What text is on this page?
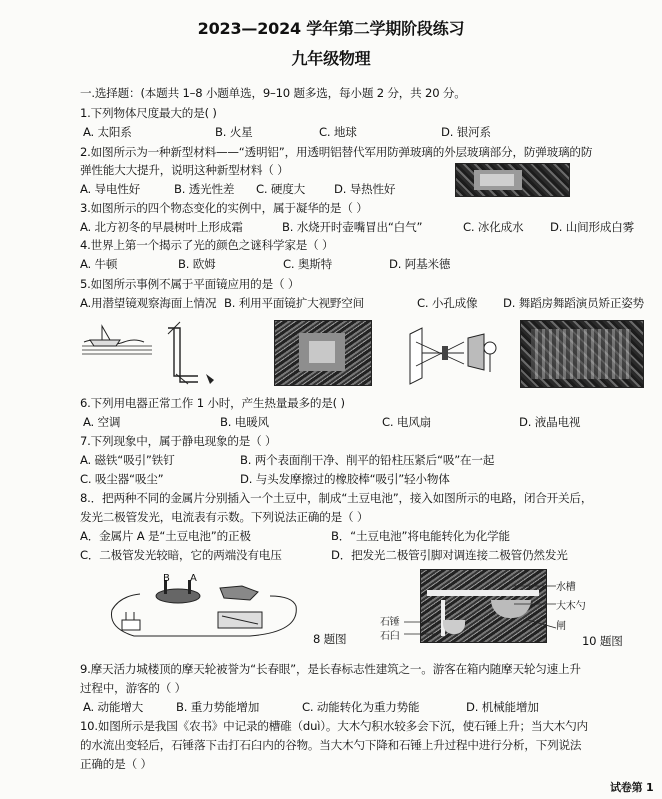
2023—2024 学年第二学期阶段练习
九年级物理
一.选择题：(本题共 1–8 小题单选，9–10 题多选，每小题 2 分，共 20 分。
1.下列物体尺度最大的是( )
A. 太阳系	B. 火星	C. 地球	D. 银河系
2.如图所示为一种新型材料——“透明铝”，用透明铝替代军用防弹玻璃的外层玻璃部分，防弹玻璃的防
弹性能大大提升，说明这种新型材料（ ）
A. 导电性好	B. 透光性差 C. 硬度大 D. 导热性好
3.如图所示的四个物态变化的实例中，属于凝华的是（ ）
A. 北方初冬的早晨树叶上形成霜	B. 水烧开时壶嘴冒出“白气”	C. 冰化成水 D. 山间形成白雾
4.世界上第一个揭示了光的颜色之谜科学家是（ ）
A. 牛顿	B. 欧姆	C. 奥斯特	D. 阿基米德
5.如图所示事例不属于平面镜应用的是（ ）
A.用潜望镜观察海面上情况 B. 利用平面镜扩大视野空间	C. 小孔成像 D. 舞蹈房舞蹈演员矫正姿势
6.下列用电器正常工作 1 小时，产生热量最多的是( )
A. 空调	B. 电暖风	C. 电风扇	D. 液晶电视
7.下列现象中，属于静电现象的是（ ）
A. 磁铁“吸引”铁钉	B. 两个表面削干净、削平的铅柱压紧后“吸”在一起
C. 吸尘器“吸尘”	D. 与头发摩擦过的橡胶棒“吸引”轻小物体
8.．把两种不同的金属片分别插入一个土豆中，制成“土豆电池”，接入如图所示的电路，闭合开关后，
发光二极管发光，电流表有示数。下列说法正确的是（ ）
A．金属片 A 是“土豆电池”的正极	B．“土豆电池”将电能转化为化学能
C．二极管发光较暗，它的两端没有电压	D．把发光二极管引脚对调连接二极管仍然发光
B A
8 题图
水槽
大木勺
石锤
石臼
闸
10 题图
9.摩天活力城楼顶的摩天轮被誉为“长春眼”，是长春标志性建筑之一。游客在箱内随摩天轮匀速上升
过程中，游客的（ ）
A. 动能增大	B. 重力势能增加	C. 动能转化为重力势能	D. 机械能增加
10.如图所示是我国《农书》中记录的槽碓（duì）。大木勺积水较多会下沉，使石锤上升；当大木勺内
的水流出变轻后，石锤落下击打石臼内的谷物。当大木勺下降和石锤上升过程中进行分析，下列说法
正确的是（ ）
试卷第 1
